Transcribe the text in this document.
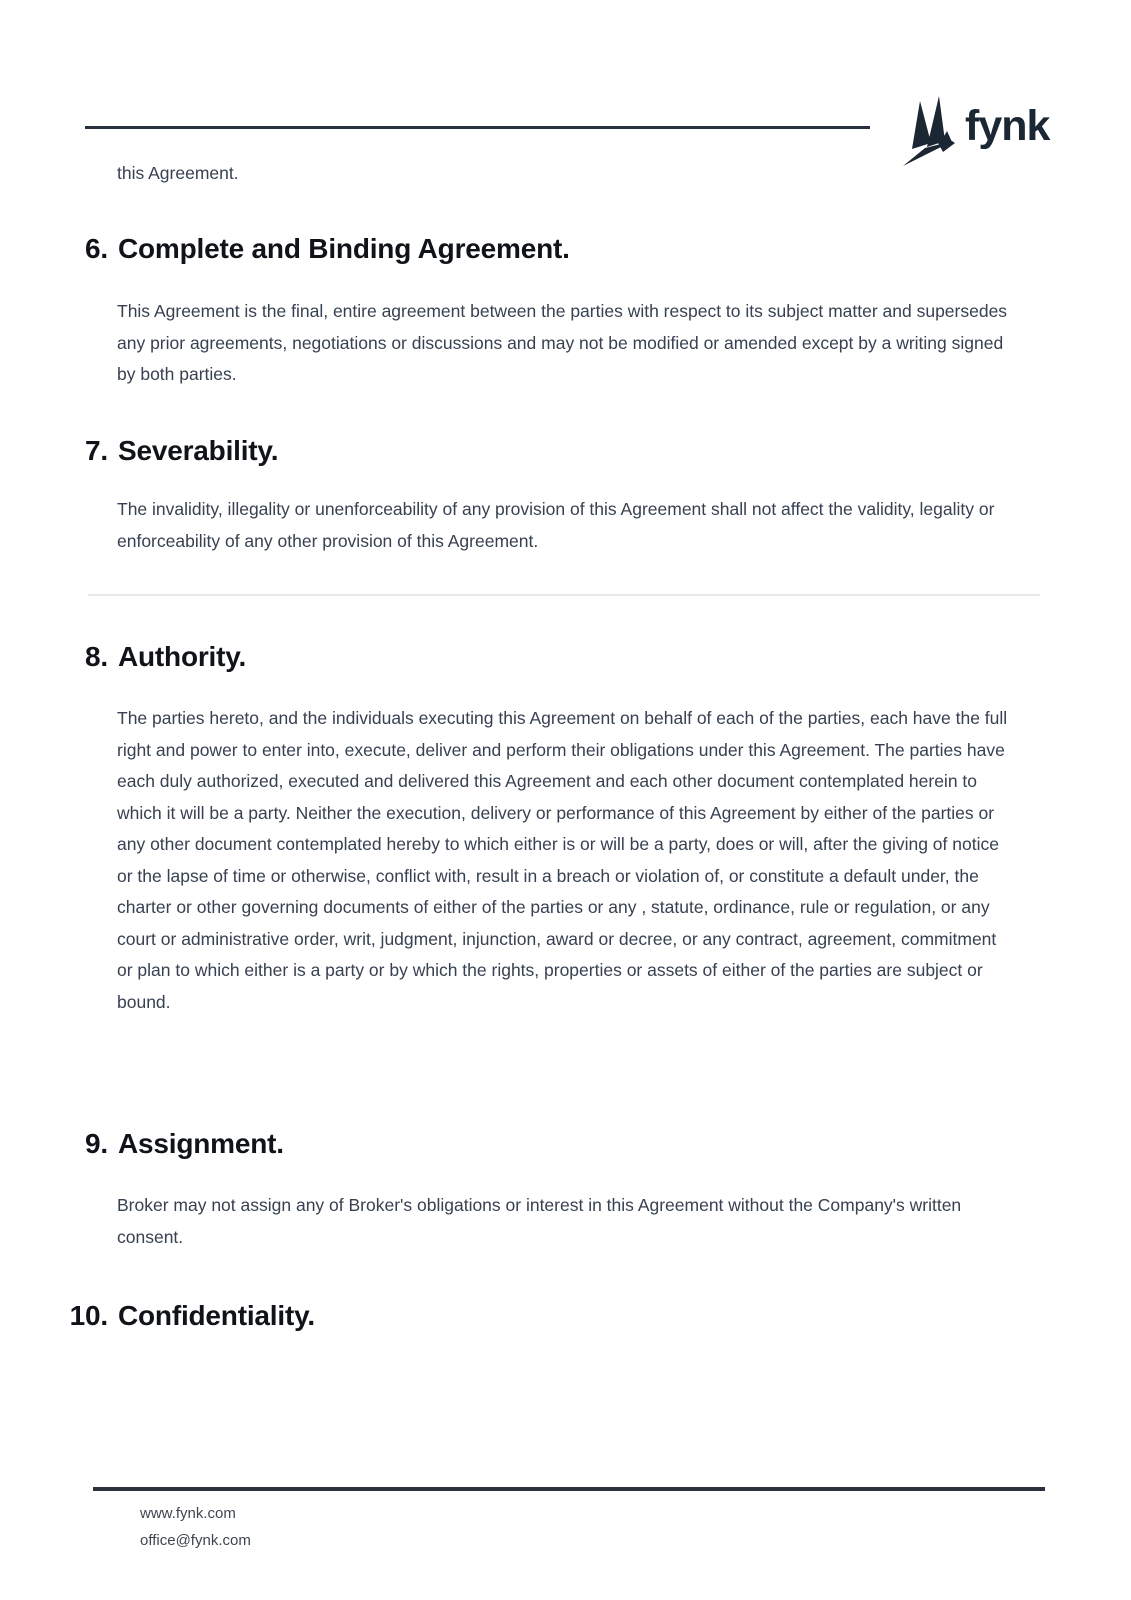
fynk

this Agreement.

6. Complete and Binding Agreement.

This Agreement is the final, entire agreement between the parties with respect to its subject matter and supersedes any prior agreements, negotiations or discussions and may not be modified or amended except by a writing signed by both parties.

7. Severability.

The invalidity, illegality or unenforceability of any provision of this Agreement shall not affect the validity, legality or enforceability of any other provision of this Agreement.

8. Authority.

The parties hereto, and the individuals executing this Agreement on behalf of each of the parties, each have the full right and power to enter into, execute, deliver and perform their obligations under this Agreement. The parties have each duly authorized, executed and delivered this Agreement and each other document contemplated herein to which it will be a party. Neither the execution, delivery or performance of this Agreement by either of the parties or any other document contemplated hereby to which either is or will be a party, does or will, after the giving of notice or the lapse of time or otherwise, conflict with, result in a breach or violation of, or constitute a default under, the charter or other governing documents of either of the parties or any , statute, ordinance, rule or regulation, or any court or administrative order, writ, judgment, injunction, award or decree, or any contract, agreement, commitment or plan to which either is a party or by which the rights, properties or assets of either of the parties are subject or bound.

9. Assignment.

Broker may not assign any of Broker's obligations or interest in this Agreement without the Company's written consent.

10. Confidentiality.
www.fynk.com
office@fynk.com
